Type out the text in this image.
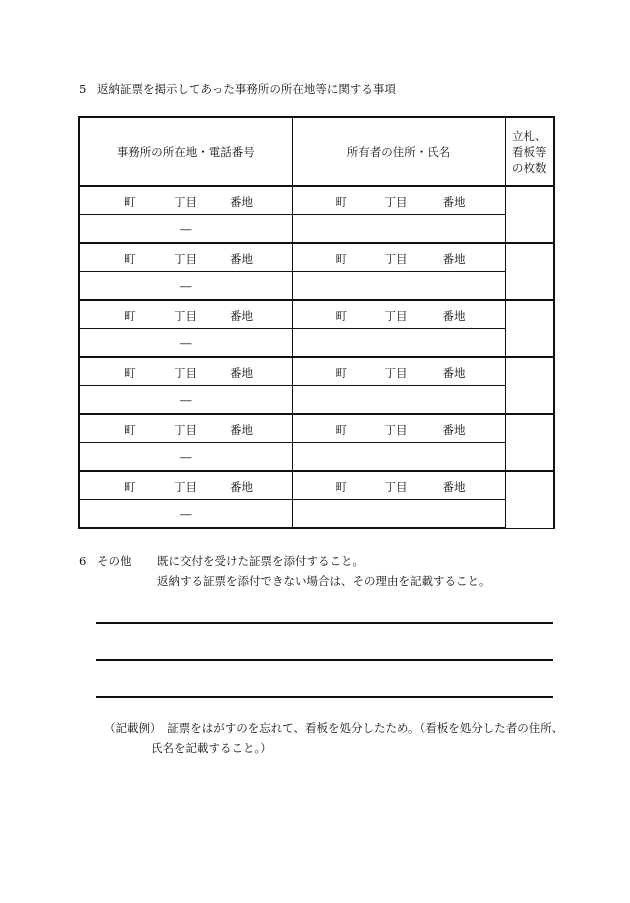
5 返納証票を掲示してあった事務所の所在地等に関する事項
事務所の所在地・電話番号	所有者の住所・氏名	立札、
看板等
の枚数

町 丁目 番地	町 丁目 番地	

―		

町 丁目 番地	町 丁目 番地	

―		

町 丁目 番地	町 丁目 番地	

―		

町 丁目 番地	町 丁目 番地	

―		

町 丁目 番地	町 丁目 番地	

―		

町 丁目 番地	町 丁目 番地	

―		
6 その他 既に交付を受けた証票を添付すること。
返納する証票を添付できない場合は、その理由を記載すること。
（記載例）　証票をはがすのを忘れて、看板を処分したため。（看板を処分した者の住所、
氏名を記載すること。）
